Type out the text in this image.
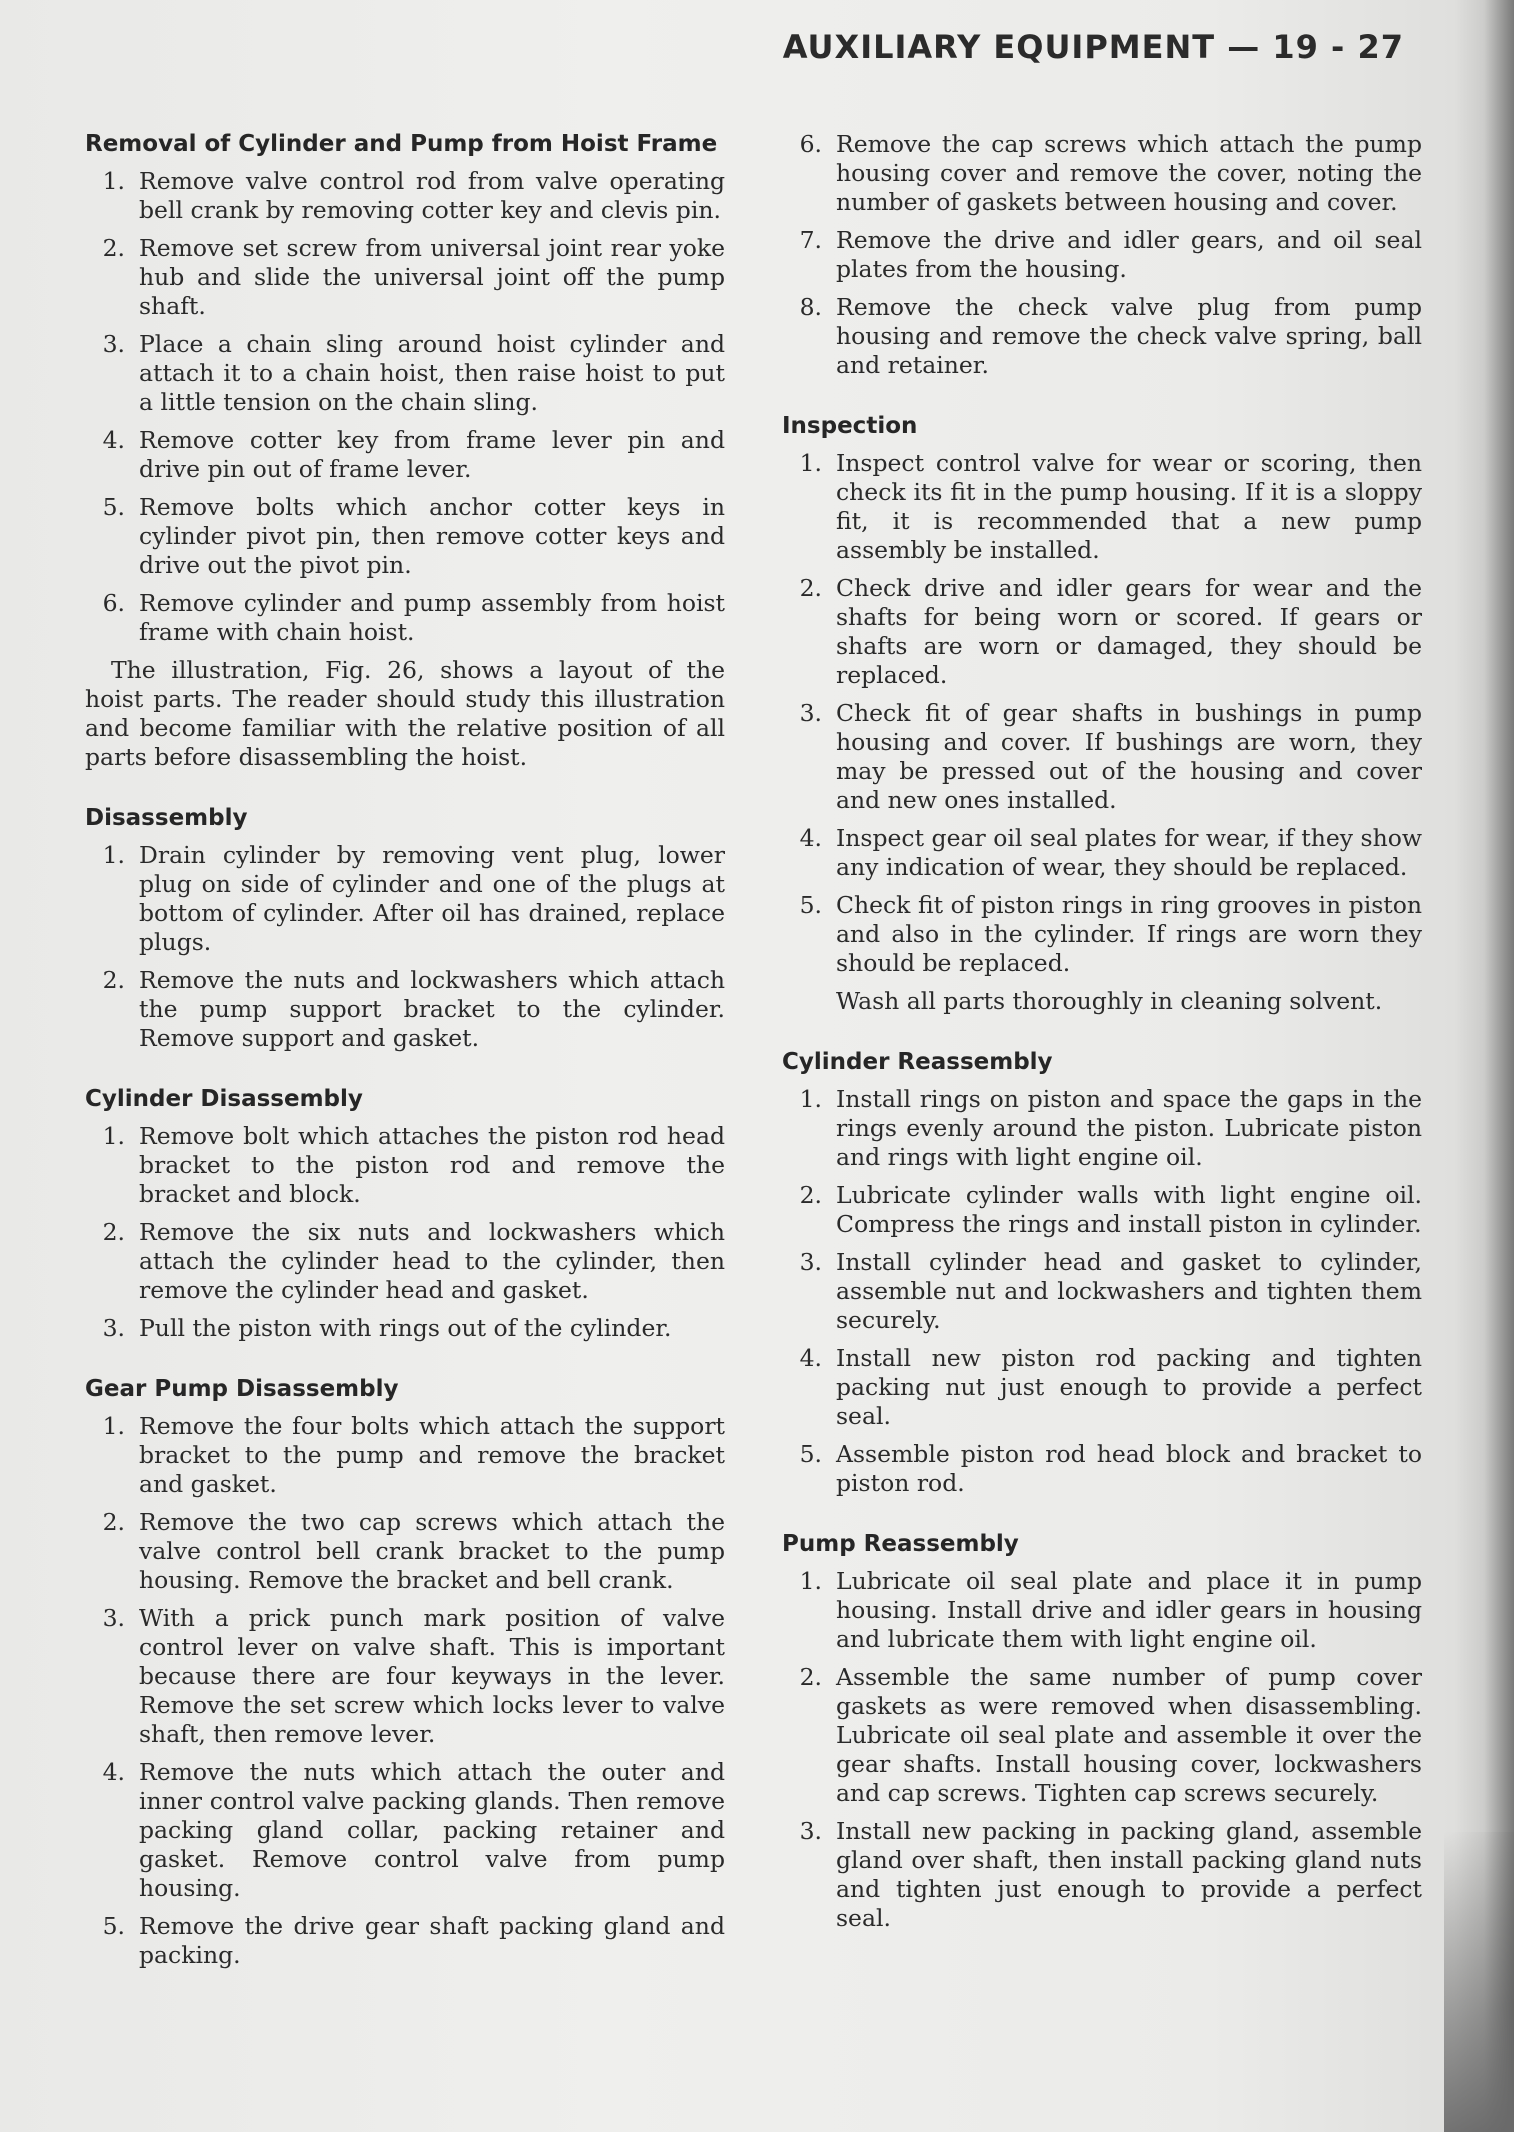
AUXILIARY EQUIPMENT — 19 - 27
Removal of Cylinder and Pump from Hoist Frame
1. Remove valve control rod from valve operating bell crank by removing cotter key and clevis pin.
2. Remove set screw from universal joint rear yoke hub and slide the universal joint off the pump shaft.
3. Place a chain sling around hoist cylinder and attach it to a chain hoist, then raise hoist to put a little tension on the chain sling.
4. Remove cotter key from frame lever pin and drive pin out of frame lever.
5. Remove bolts which anchor cotter keys in cylinder pivot pin, then remove cotter keys and drive out the pivot pin.
6. Remove cylinder and pump assembly from hoist frame with chain hoist.

The illustration, Fig. 26, shows a layout of the hoist parts. The reader should study this illustration and become familiar with the relative position of all parts before disassembling the hoist.

Disassembly
1. Drain cylinder by removing vent plug, lower plug on side of cylinder and one of the plugs at bottom of cylinder. After oil has drained, replace plugs.
2. Remove the nuts and lockwashers which attach the pump support bracket to the cylinder. Remove support and gasket.
Cylinder Disassembly
1. Remove bolt which attaches the piston rod head bracket to the piston rod and remove the bracket and block.
2. Remove the six nuts and lockwashers which attach the cylinder head to the cylinder, then remove the cylinder head and gasket.
3. Pull the piston with rings out of the cylinder.
Gear Pump Disassembly
1. Remove the four bolts which attach the support bracket to the pump and remove the bracket and gasket.
2. Remove the two cap screws which attach the valve control bell crank bracket to the pump housing. Remove the bracket and bell crank.
3. With a prick punch mark position of valve control lever on valve shaft. This is important because there are four keyways in the lever. Remove the set screw which locks lever to valve shaft, then remove lever.
4. Remove the nuts which attach the outer and inner control valve packing glands. Then remove packing gland collar, packing retainer and gasket. Remove control valve from pump housing.
5. Remove the drive gear shaft packing gland and packing.
6. Remove the cap screws which attach the pump housing cover and remove the cover, noting the number of gaskets between housing and cover.
7. Remove the drive and idler gears, and oil seal plates from the housing.
8. Remove the check valve plug from pump housing and remove the check valve spring, ball and retainer.
Inspection
1. Inspect control valve for wear or scoring, then check its fit in the pump housing. If it is a sloppy fit, it is recommended that a new pump assembly be installed.
2. Check drive and idler gears for wear and the shafts for being worn or scored. If gears or shafts are worn or damaged, they should be replaced.
3. Check fit of gear shafts in bushings in pump housing and cover. If bushings are worn, they may be pressed out of the housing and cover and new ones installed.
4. Inspect gear oil seal plates for wear, if they show any indication of wear, they should be replaced.
5. Check fit of piston rings in ring grooves in piston and also in the cylinder. If rings are worn they should be replaced.

Wash all parts thoroughly in cleaning solvent.

Cylinder Reassembly
1. Install rings on piston and space the gaps in the rings evenly around the piston. Lubricate piston and rings with light engine oil.
2. Lubricate cylinder walls with light engine oil. Compress the rings and install piston in cylinder.
3. Install cylinder head and gasket to cylinder, assemble nut and lockwashers and tighten them securely.
4. Install new piston rod packing and tighten packing nut just enough to provide a perfect seal.
5. Assemble piston rod head block and bracket to piston rod.
Pump Reassembly
1. Lubricate oil seal plate and place it in pump housing. Install drive and idler gears in housing and lubricate them with light engine oil.
2. Assemble the same number of pump cover gaskets as were removed when disassembling. Lubricate oil seal plate and assemble it over the gear shafts. Install housing cover, lockwashers and cap screws. Tighten cap screws securely.
3. Install new packing in packing gland, assemble gland over shaft, then install packing gland nuts and tighten just enough to provide a perfect seal.
